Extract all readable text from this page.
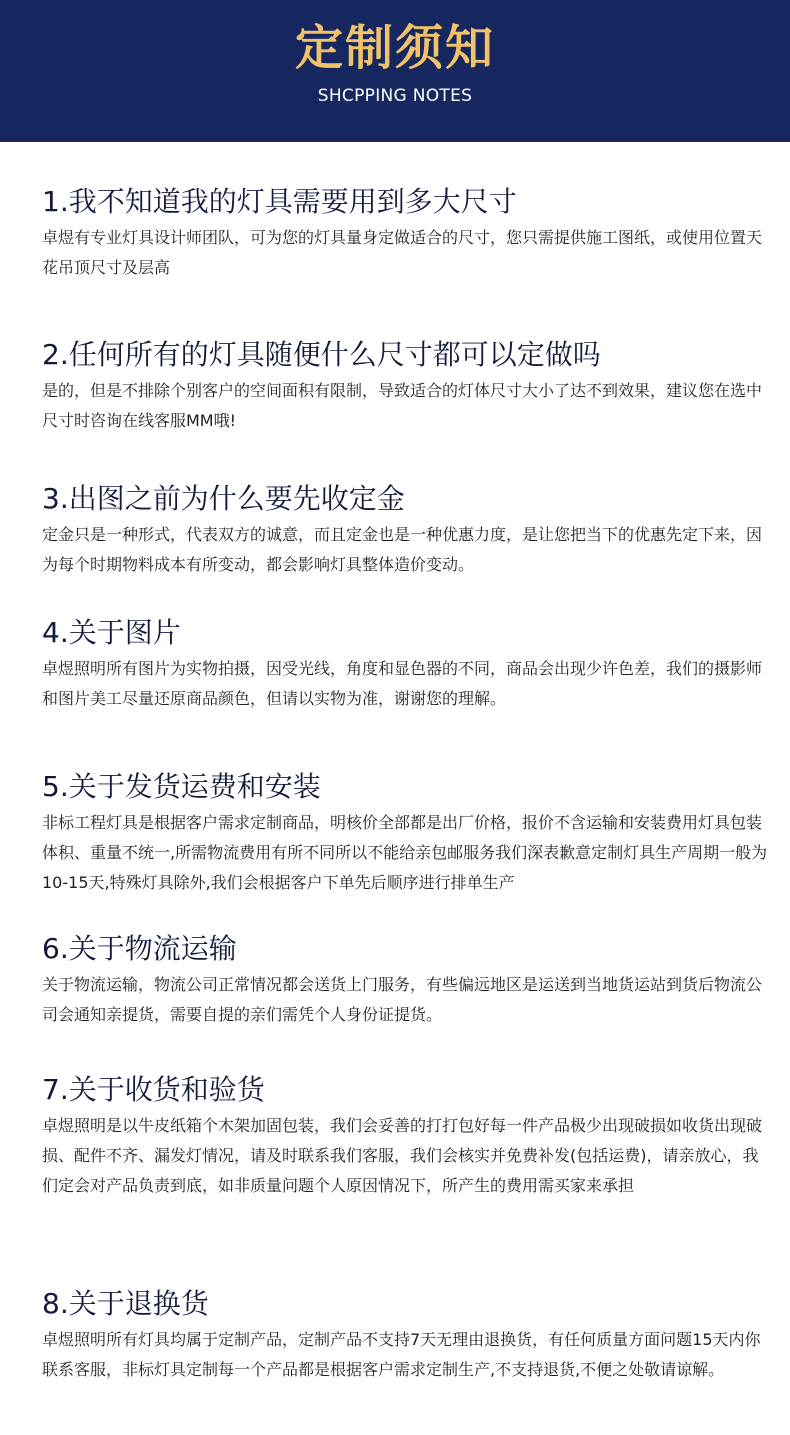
定制须知
SHCPPING NOTES
1.我不知道我的灯具需要用到多大尺寸
卓煜有专业灯具设计师团队，可为您的灯具量身定做适合的尺寸，您只需提供施工图纸，或使用位置天花吊顶尺寸及层高
2.任何所有的灯具随便什么尺寸都可以定做吗
是的，但是不排除个别客户的空间面积有限制，导致适合的灯体尺寸大小了达不到效果，建议您在选中尺寸时咨询在线客服MM哦!
3.出图之前为什么要先收定金
定金只是一种形式，代表双方的诚意，而且定金也是一种优惠力度，是让您把当下的优惠先定下来，因为每个时期物料成本有所变动，都会影响灯具整体造价变动。
4.关于图片
卓煜照明所有图片为实物拍摄，因受光线，角度和显色器的不同，商品会出现少许色差，我们的摄影师和图片美工尽量还原商品颜色，但请以实物为准，谢谢您的理解。
5.关于发货运费和安装
非标工程灯具是根据客户需求定制商品，明核价全部都是出厂价格，报价不含运输和安装费用灯具包装体积、重量不统一,所需物流费用有所不同所以不能给亲包邮服务我们深表歉意定制灯具生产周期一般为10-15天,特殊灯具除外,我们会根据客户下单先后顺序进行排单生产
6.关于物流运输
关于物流运输，物流公司正常情况都会送货上门服务，有些偏远地区是运送到当地货运站到货后物流公司会通知亲提货，需要自提的亲们需凭个人身份证提货。
7.关于收货和验货
卓煜照明是以牛皮纸箱个木架加固包装，我们会妥善的打打包好每一件产品极少出现破损如收货出现破损、配件不齐、漏发灯情况，请及时联系我们客服，我们会核实并免费补发(包括运费)，请亲放心，我们定会对产品负责到底，如非质量问题个人原因情况下，所产生的费用需买家来承担
8.关于退换货
卓煜照明所有灯具均属于定制产品，定制产品不支持7天无理由退换货，有任何质量方面问题15天内你联系客服，非标灯具定制每一个产品都是根据客户需求定制生产,不支持退货,不便之处敬请谅解。
